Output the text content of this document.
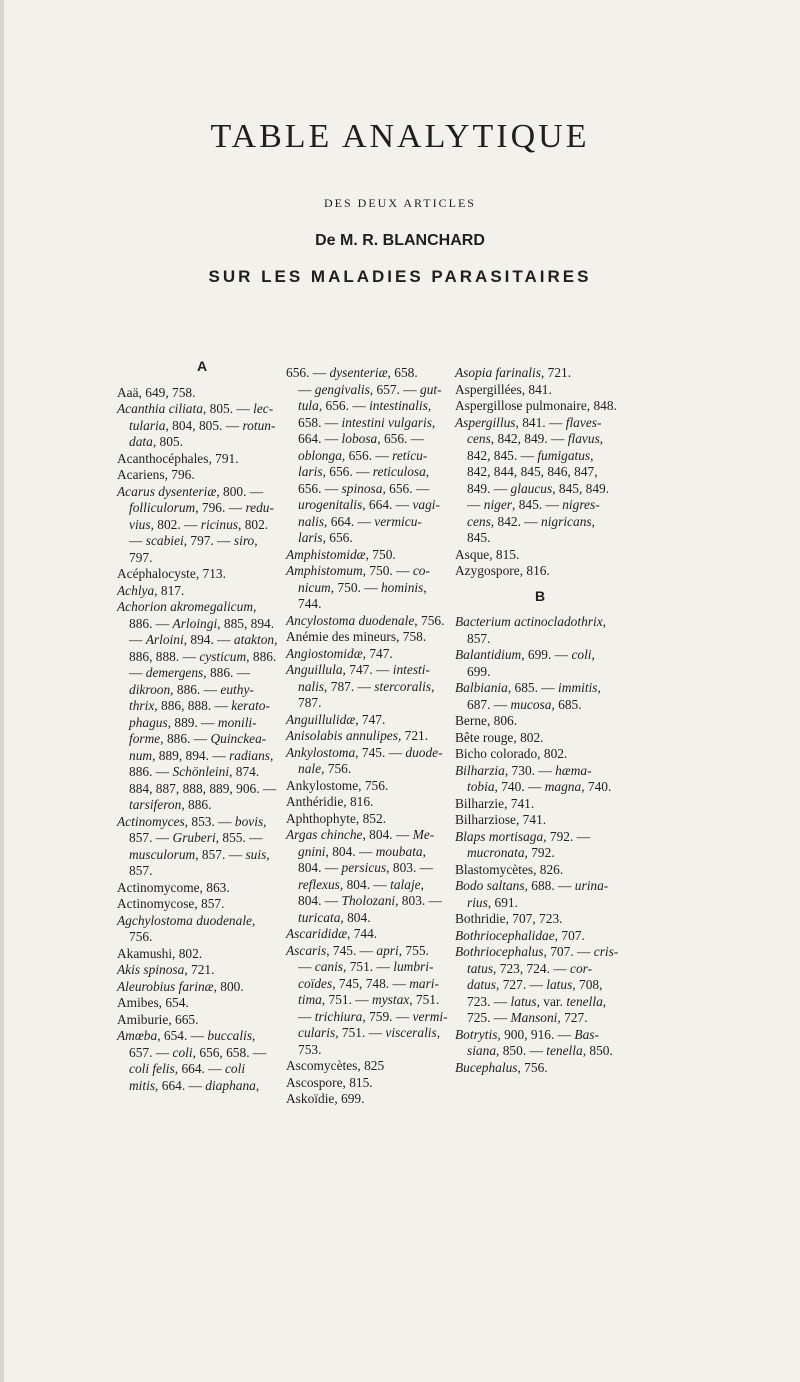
TABLE ANALYTIQUE
DES DEUX ARTICLES
De M. R. BLANCHARD
SUR LES MALADIES PARASITAIRES
A
Aaä, 649, 758.
Acanthia ciliata, 805. — lec-
tularia, 804, 805. — rotun-
data, 805.
Acanthocéphales, 791.
Acariens, 796.
Acarus dysenteriæ, 800. —
folliculorum, 796. — redu-
vius, 802. — ricinus, 802.
— scabiei, 797. — siro,
797.
Acéphalocyste, 713.
Achlya, 817.
Achorion akromegalicum,
886. — Arloingi, 885, 894.
— Arloini, 894. — atakton,
886, 888. — cysticum, 886.
— demergens, 886. —
dikroon, 886. — euthy-
thrix, 886, 888. — kerato-
phagus, 889. — monili-
forme, 886. — Quinckea-
num, 889, 894. — radians,
886. — Schönleini, 874.
884, 887, 888, 889, 906. —
tarsiferon, 886.
Actinomyces, 853. — bovis,
857. — Gruberi, 855. —
musculorum, 857. — suis,
857.
Actinomycome, 863.
Actinomycose, 857.
Agchylostoma duodenale,
756.
Akamushi, 802.
Akis spinosa, 721.
Aleurobius farinæ, 800.
Amibes, 654.
Amiburie, 665.
Amœba, 654. — buccalis,
657. — coli, 656, 658. —
coli felis, 664. — coli
mitis, 664. — diaphana,
656. — dysenteriæ, 658.
— gengivalis, 657. — gut-
tula, 656. — intestinalis,
658. — intestini vulgaris,
664. — lobosa, 656. —
oblonga, 656. — reticu-
laris, 656. — reticulosa,
656. — spinosa, 656. —
urogenitalis, 664. — vagi-
nalis, 664. — vermicu-
laris, 656.
Amphistomidæ, 750.
Amphistomum, 750. — co-
nicum, 750. — hominis,
744.
Ancylostoma duodenale, 756.
Anémie des mineurs, 758.
Angiostomidæ, 747.
Anguillula, 747. — intesti-
nalis, 787. — stercoralis,
787.
Anguillulidæ, 747.
Anisolabis annulipes, 721.
Ankylostoma, 745. — duode-
nale, 756.
Ankylostome, 756.
Anthéridie, 816.
Aphthophyte, 852.
Argas chinche, 804. — Me-
gnini, 804. — moubata,
804. — persicus, 803. —
reflexus, 804. — talaje,
804. — Tholozani, 803. —
turicata, 804.
Ascarididæ, 744.
Ascaris, 745. — apri, 755.
— canis, 751. — lumbri-
coïdes, 745, 748. — mari-
tima, 751. — mystax, 751.
— trichiura, 759. — vermi-
cularis, 751. — visceralis,
753.
Ascomycètes, 825
Ascospore, 815.
Askoïdie, 699.
Asopia farinalis, 721.
Aspergillées, 841.
Aspergillose pulmonaire, 848.
Aspergillus, 841. — flaves-
cens, 842, 849. — flavus,
842, 845. — fumigatus,
842, 844, 845, 846, 847,
849. — glaucus, 845, 849.
— niger, 845. — nigres-
cens, 842. — nigricans,
845.
Asque, 815.
Azygospore, 816.
B
Bacterium actinocladothrix,
857.
Balantidium, 699. — coli,
699.
Balbiania, 685. — immitis,
687. — mucosa, 685.
Berne, 806.
Bête rouge, 802.
Bicho colorado, 802.
Bilharzia, 730. — hæma-
tobia, 740. — magna, 740.
Bilharzie, 741.
Bilharziose, 741.
Blaps mortisaga, 792. —
mucronata, 792.
Blastomycètes, 826.
Bodo saltans, 688. — urina-
rius, 691.
Bothridie, 707, 723.
Bothriocephalidae, 707.
Bothriocephalus, 707. — cris-
tatus, 723, 724. — cor-
datus, 727. — latus, 708,
723. — latus, var. tenella,
725. — Mansoni, 727.
Botrytis, 900, 916. — Bas-
siana, 850. — tenella, 850.
Bucephalus, 756.
